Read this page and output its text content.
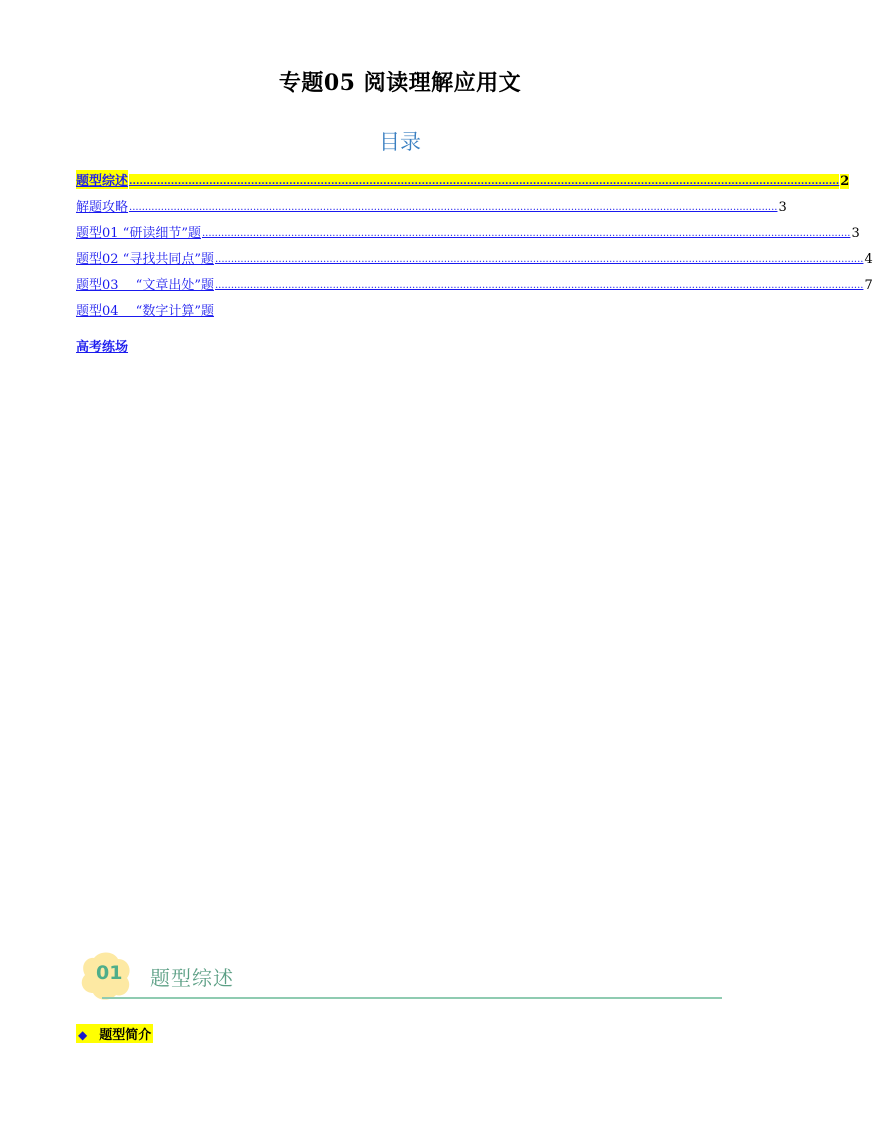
专题05 阅读理解应用文
目录
题型综述 ............................................................................................................................................................................................................ 2
解题攻略 ............................................................................................................................................................................................................ 3
题型01 “研读细节”题 ............................................................................................................................................................................................................ 3
题型02 “寻找共同点”题 ............................................................................................................................................................................................................ 4
题型03 　“文章出处”题 ............................................................................................................................................................................................................ 7
题型04 　“数字计算”题
高考练场
01 题型综述
◆ 题型简介
